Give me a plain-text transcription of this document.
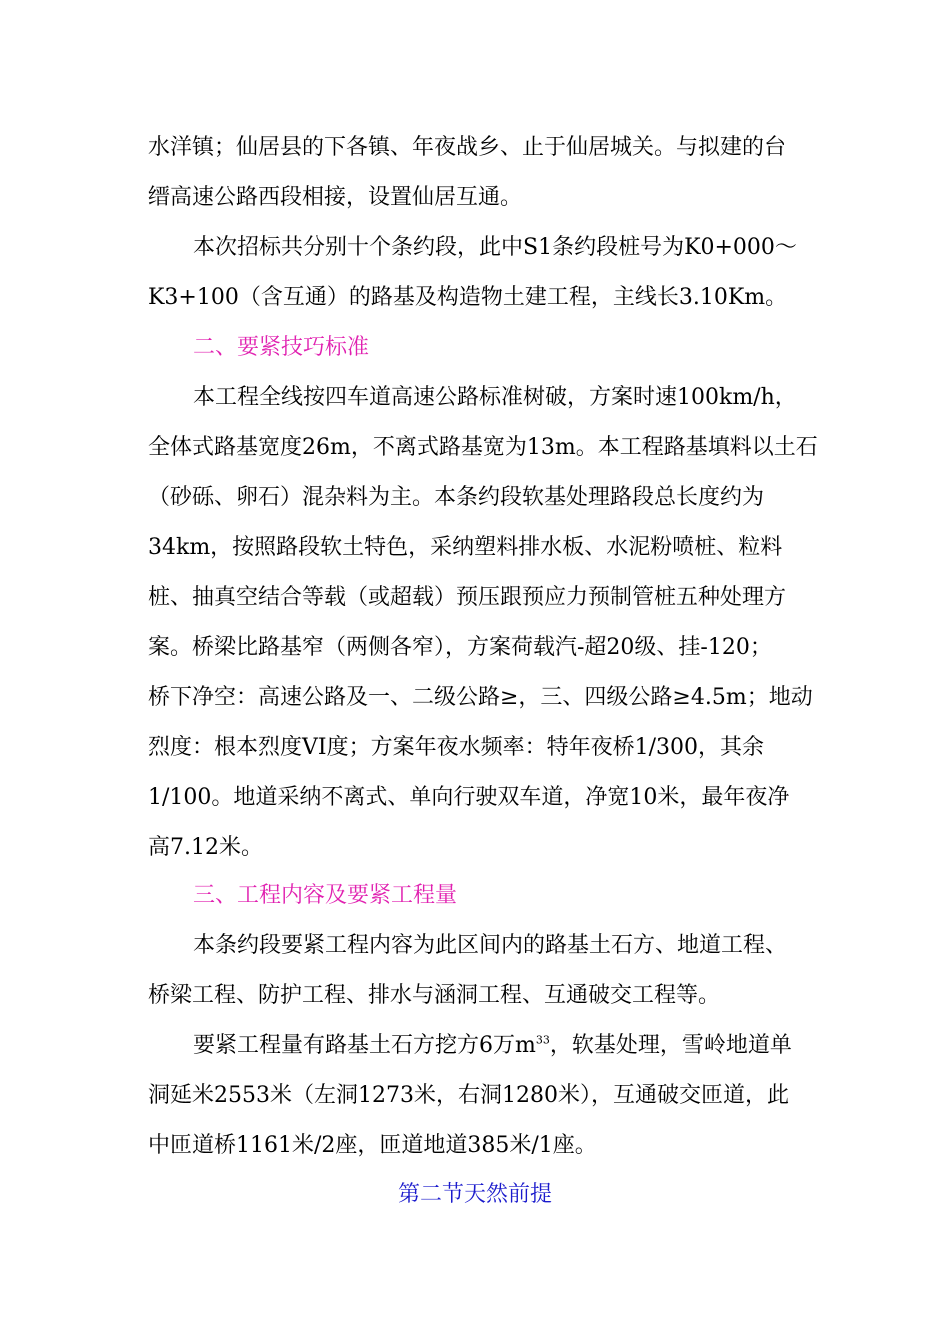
水洋镇；仙居县的下各镇、年夜战乡、止于仙居城关。与拟建的台
缙高速公路西段相接，设置仙居互通。
本次招标共分别十个条约段，此中S1条约段桩号为K0+000～
K3+100（含互通）的路基及构造物土建工程，主线长3.10Km。
二、要紧技巧标准
本工程全线按四车道高速公路标准树破，方案时速100km/h，
全体式路基宽度26m，不离式路基宽为13m。本工程路基填料以土石
（砂砾、卵石）混杂料为主。本条约段软基处理路段总长度约为
34km，按照路段软土特色，采纳塑料排水板、水泥粉喷桩、粒料
桩、抽真空结合等载（或超载）预压跟预应力预制管桩五种处理方
案。桥梁比路基窄（两侧各窄），方案荷载汽-超20级、挂-120；
桥下净空：高速公路及一、二级公路≥，三、四级公路≥4.5m；地动
烈度：根本烈度VI度；方案年夜水频率：特年夜桥1/300，其余
1/100。地道采纳不离式、单向行驶双车道，净宽10米，最年夜净
高7.12米。
三、工程内容及要紧工程量
本条约段要紧工程内容为此区间内的路基土石方、地道工程、
桥梁工程、防护工程、排水与涵洞工程、互通破交工程等。
要紧工程量有路基土石方挖方6万$m^{33}$，软基处理，雪岭地道单
洞延米2553米（左洞1273米，右洞1280米），互通破交匝道，此
中匝道桥1161米/2座，匝道地道385米/1座。
第二节天然前提
